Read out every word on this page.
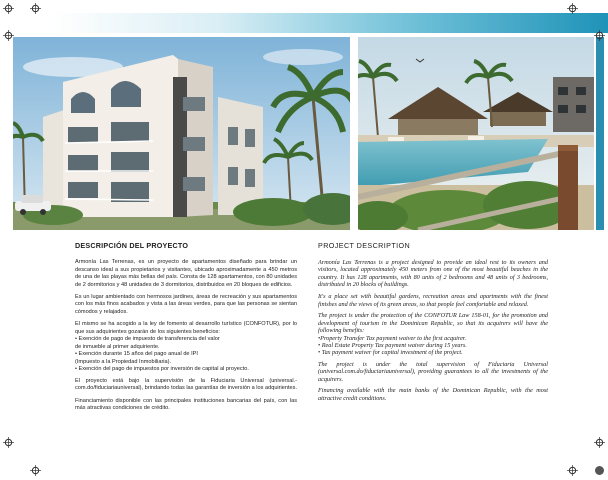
DESCRIPCIÓN DEL PROYECTO

Armonía Las Terrenas, es un proyecto de apartamentos diseñado para brindar un descanso ideal a sus propietarios y visitantes, ubicado aproximadamente a 450 metros de una de las playas más bellas del país. Consta de 128 apartamentos, con 80 unidades de 2 dormitorios y 48 unidades de 3 dormitorios, distribuidos en 20 bloques de edificios.

Es un lugar ambientado con hermosos jardines, áreas de recreación y sus apartamentos con los más finos acabados y vista a las áreas verdes, para que las personas se sientan cómodos y relajados.

El mismo se ha acogido a la ley de fomento al desarrollo turístico (CONFOTUR), por lo que sus adquirientes gozarán de los siguientes beneficios:

• Exención de pago de impuesto de transferencia del valor
de inmueble al primer adquiriente.
• Exención durante 15 años del pago anual de IPI
(Impuesto a la Propiedad Inmobiliaria).
• Exención del pago de impuestos por inversión de capital al proyecto.

El proyecto está bajo la supervisión de la Fiduciaria Universal (universal.-com.do/fiduciariauniversal), brindando todas las garantías de inversión a los adquirientes.

Financiamiento disponible con las principales instituciones bancarias del país, con las más atractivas condiciones de crédito.

PROJECT DESCRIPTION

Armonía Las Terrenas is a project designed to provide an ideal rest to its owners and visitors, located approximately 450 meters from one of the most beautiful beaches in the country. It has 128 apartments, with 80 units of 2 bedrooms and 48 units of 3 bedrooms, distributed in 20 blocks of buildings.

It's a place set with beautiful gardens, recreation areas and apartments with the finest finishes and the views of its green areas, so that people feel comfortable and relaxed.

The project is under the protection of the CONFOTUR Law 158-01, for the promotion and development of tourism in the Dominican Republic, so that its acquirers will have the following benefits:

•Property Transfer Tax payment waiver to the first acquirer.
• Real Estate Property Tax payment waiver during 15 years.
• Tax payment waiver for capital investment of the project.

The project is under the total supervision of Fiduciaria Universal (universal.com.do/fiduciariauniversal), providing guarantees to all the investments of the acquirers.

Financing available with the main banks of the Dominican Republic, with the most attractive credit conditions.
